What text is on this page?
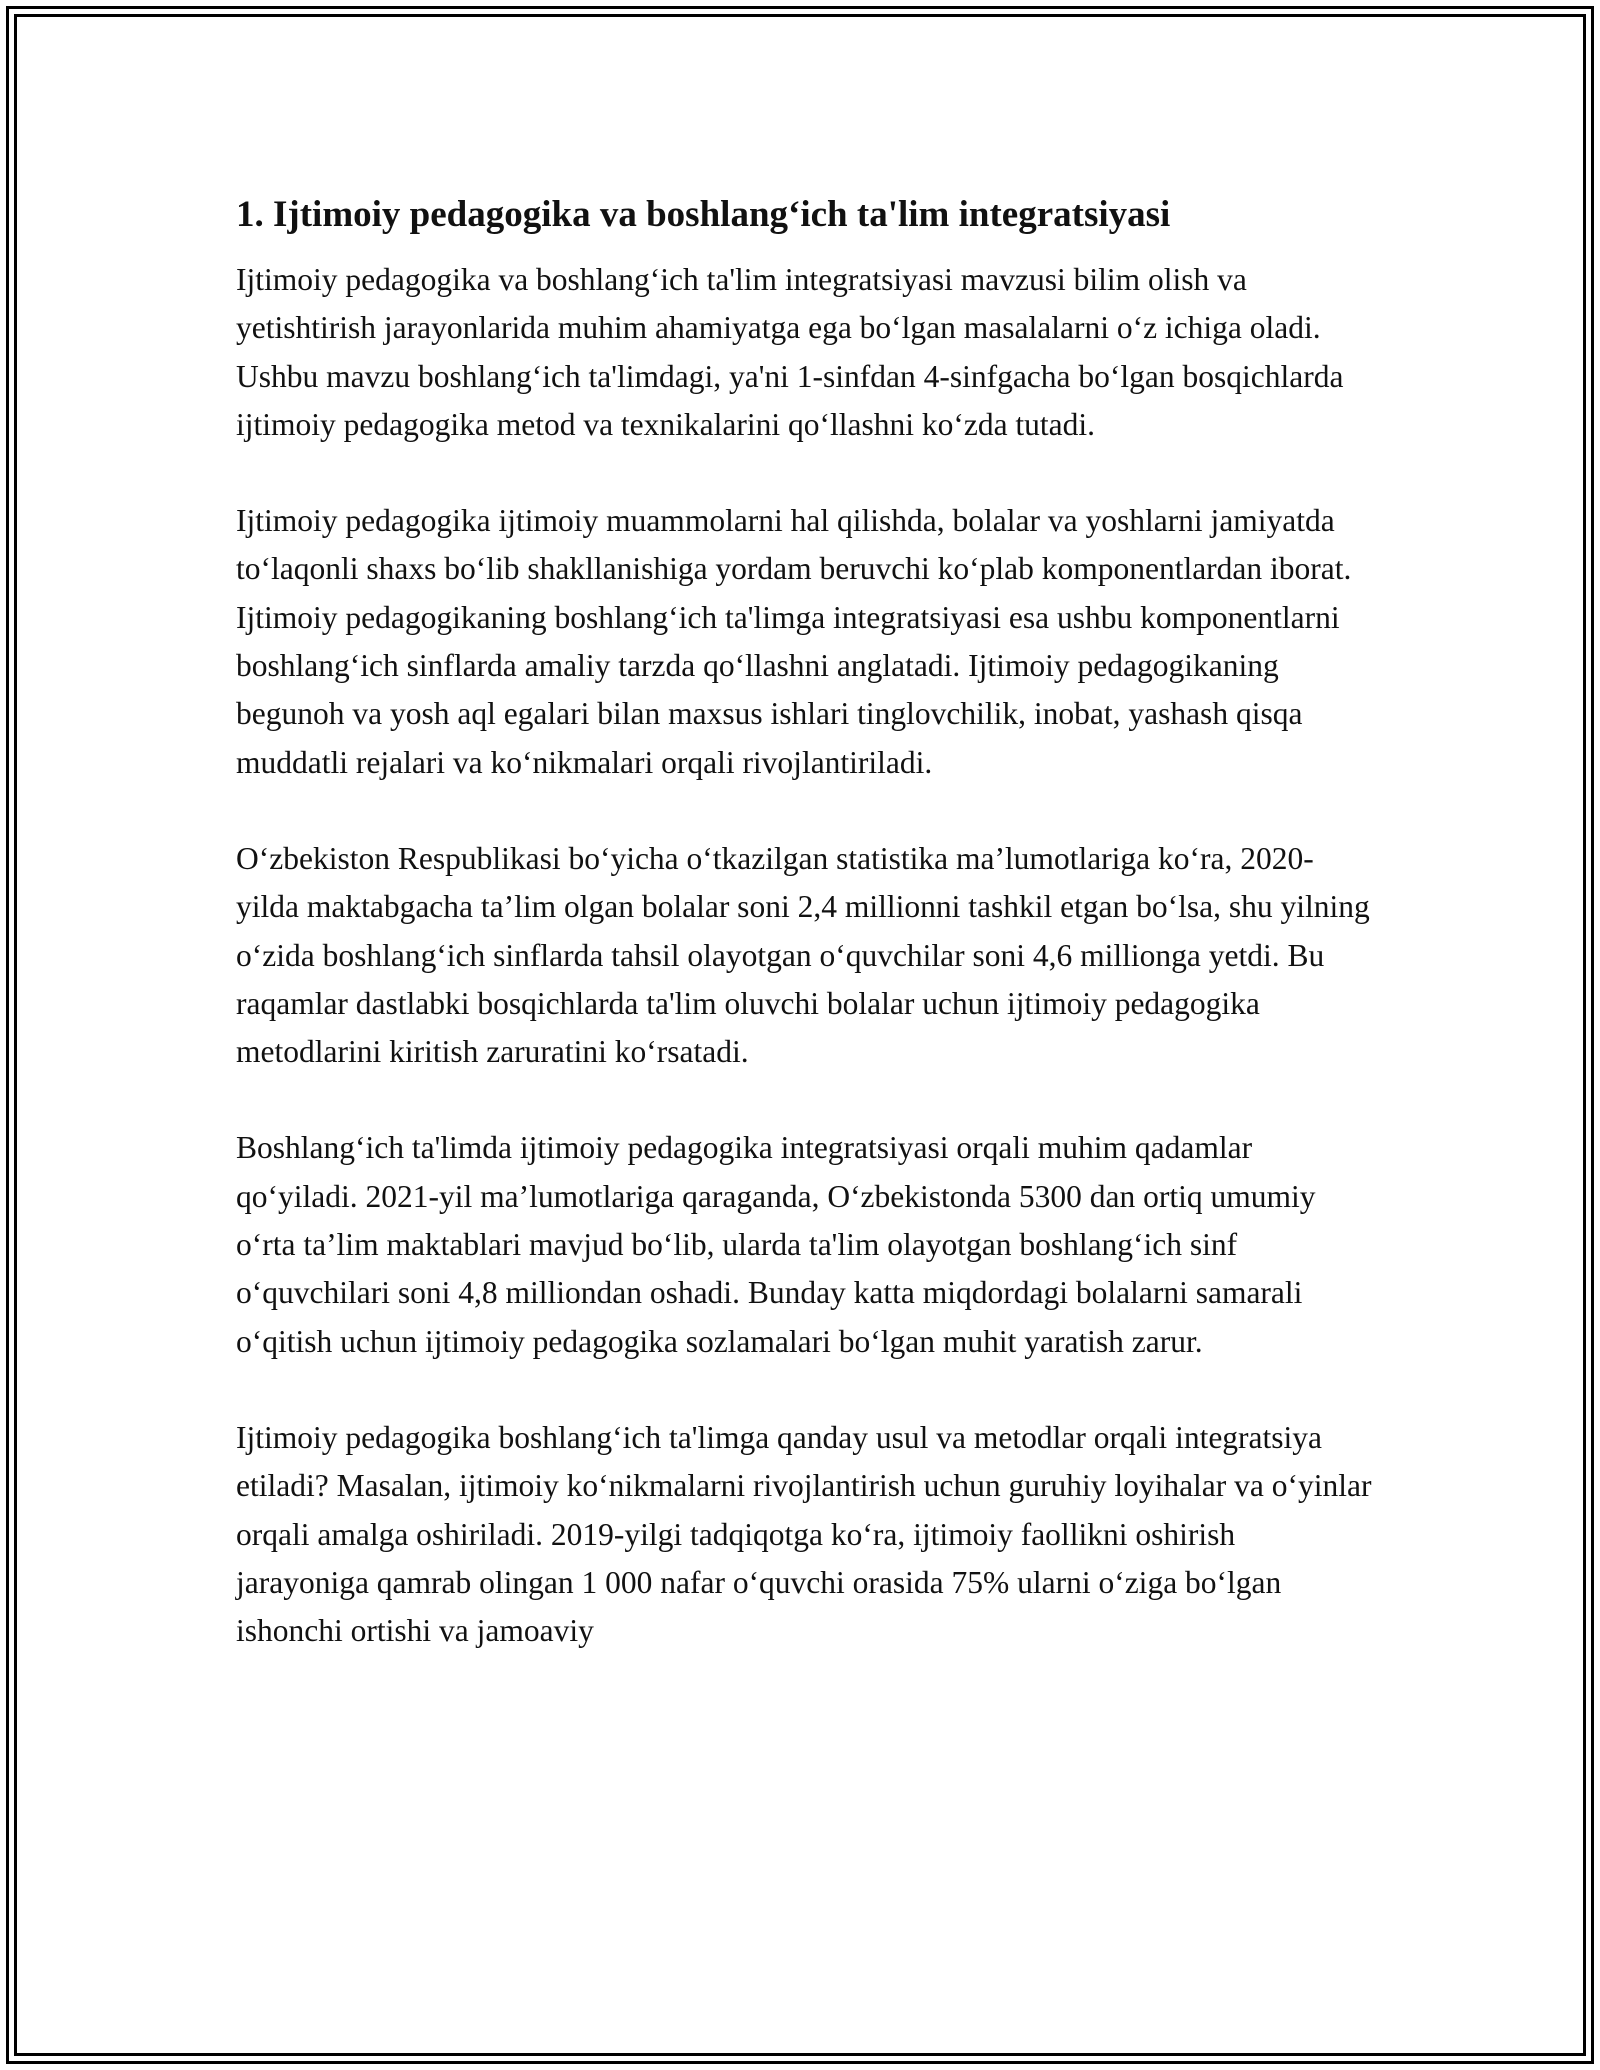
1. Ijtimoiy pedagogika va boshlang‘ich ta'lim integratsiyasi

Ijtimoiy pedagogika va boshlang‘ich ta'lim integratsiyasi mavzusi bilim olish va yetishtirish jarayonlarida muhim ahamiyatga ega bo‘lgan masalalarni o‘z ichiga oladi. Ushbu mavzu boshlang‘ich ta'limdagi, ya'ni 1-sinfdan 4-sinfgacha bo‘lgan bosqichlarda ijtimoiy pedagogika metod va texnikalarini qo‘llashni ko‘zda tutadi.

Ijtimoiy pedagogika ijtimoiy muammolarni hal qilishda, bolalar va yoshlarni jamiyatda to‘laqonli shaxs bo‘lib shakllanishiga yordam beruvchi ko‘plab komponentlardan iborat. Ijtimoiy pedagogikaning boshlang‘ich ta'limga integratsiyasi esa ushbu komponentlarni boshlang‘ich sinflarda amaliy tarzda qo‘llashni anglatadi. Ijtimoiy pedagogikaning begunoh va yosh aql egalari bilan maxsus ishlari tinglovchilik, inobat, yashash qisqa muddatli rejalari va ko‘nikmalari orqali rivojlantiriladi.

O‘zbekiston Respublikasi bo‘yicha o‘tkazilgan statistika ma’lumotlariga ko‘ra, 2020-yilda maktabgacha ta’lim olgan bolalar soni 2,4 millionni tashkil etgan bo‘lsa, shu yilning o‘zida boshlang‘ich sinflarda tahsil olayotgan o‘quvchilar soni 4,6 millionga yetdi. Bu raqamlar dastlabki bosqichlarda ta'lim oluvchi bolalar uchun ijtimoiy pedagogika metodlarini kiritish zaruratini ko‘rsatadi.

Boshlang‘ich ta'limda ijtimoiy pedagogika integratsiyasi orqali muhim qadamlar qo‘yiladi. 2021-yil ma’lumotlariga qaraganda, O‘zbekistonda 5300 dan ortiq umumiy o‘rta ta’lim maktablari mavjud bo‘lib, ularda ta'lim olayotgan boshlang‘ich sinf o‘quvchilari soni 4,8 milliondan oshadi. Bunday katta miqdordagi bolalarni samarali o‘qitish uchun ijtimoiy pedagogika sozlamalari bo‘lgan muhit yaratish zarur.

Ijtimoiy pedagogika boshlang‘ich ta'limga qanday usul va metodlar orqali integratsiya etiladi? Masalan, ijtimoiy ko‘nikmalarni rivojlantirish uchun guruhiy loyihalar va o‘yinlar orqali amalga oshiriladi. 2019-yilgi tadqiqotga ko‘ra, ijtimoiy faollikni oshirish jarayoniga qamrab olingan 1 000 nafar o‘quvchi orasida 75% ularni o‘ziga bo‘lgan ishonchi ortishi va jamoaviy
